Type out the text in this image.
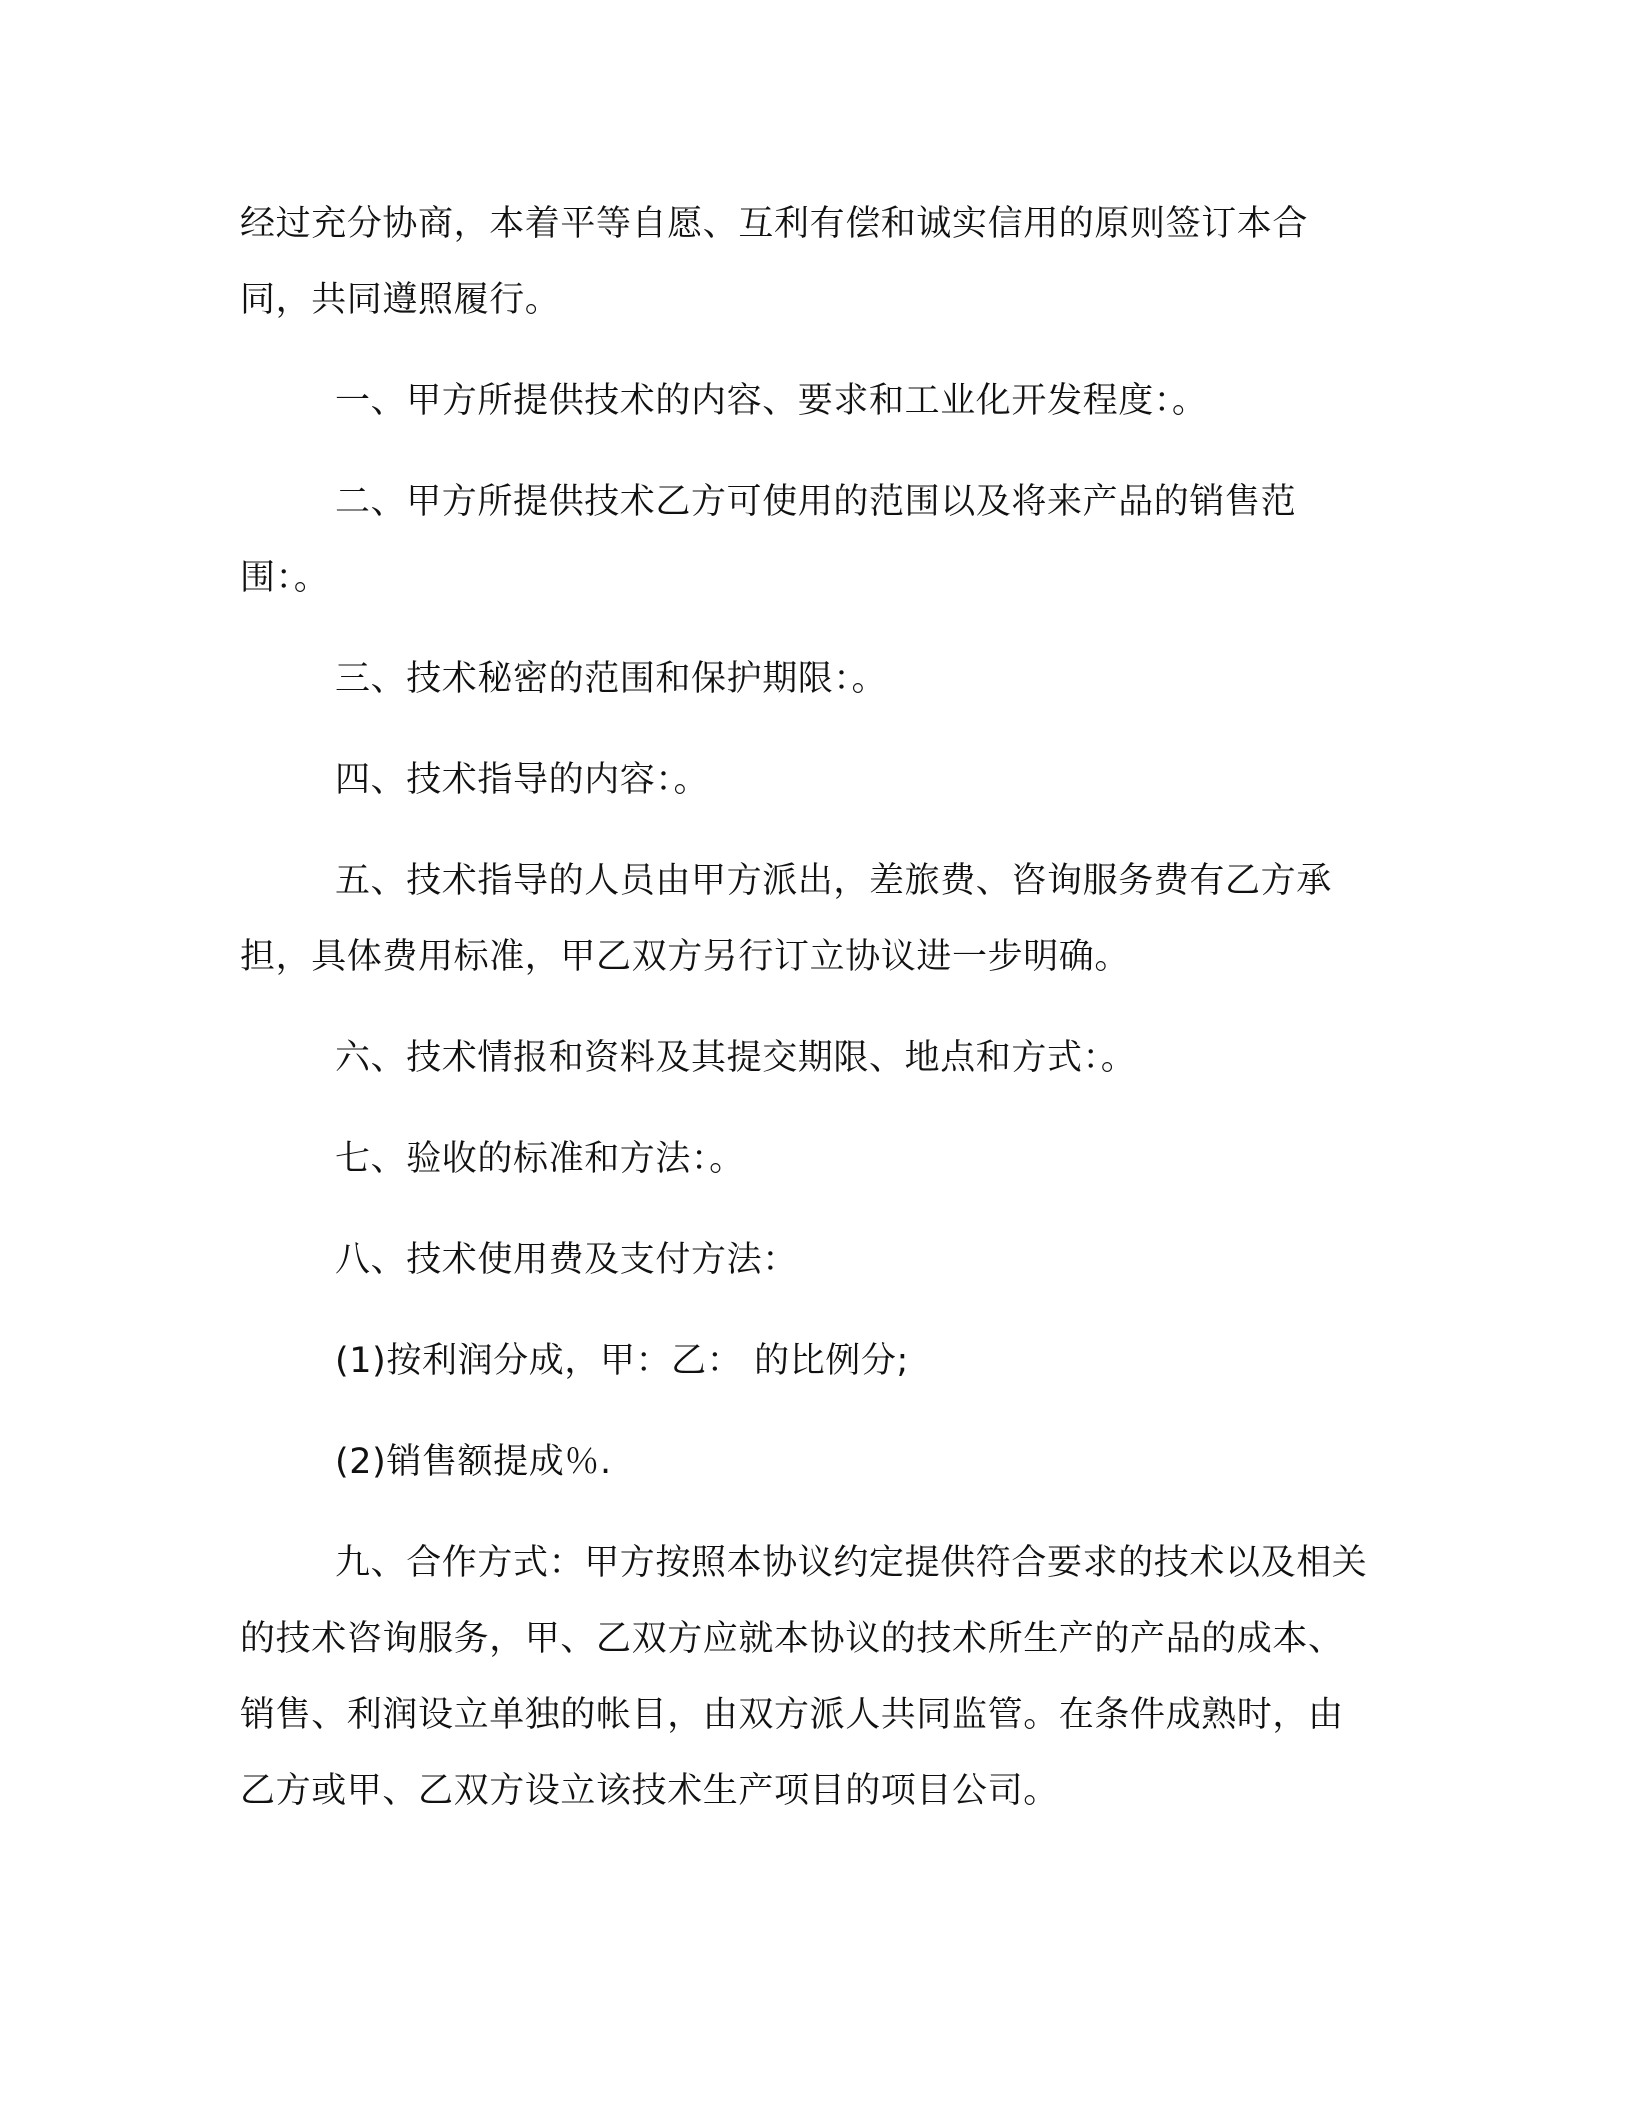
经过充分协商，本着平等自愿、互利有偿和诚实信用的原则签订本合同，共同遵照履行。

一、甲方所提供技术的内容、要求和工业化开发程度：。

二、甲方所提供技术乙方可使用的范围以及将来产品的销售范围：。

三、技术秘密的范围和保护期限：。

四、技术指导的内容：。

五、技术指导的人员由甲方派出，差旅费、咨询服务费有乙方承担，具体费用标准，甲乙双方另行订立协议进一步明确。

六、技术情报和资料及其提交期限、地点和方式：。

七、验收的标准和方法：。

八、技术使用费及支付方法：

(1)按利润分成，甲：乙： 的比例分;

(2)销售额提成％.

九、合作方式：甲方按照本协议约定提供符合要求的技术以及相关的技术咨询服务，甲、乙双方应就本协议的技术所生产的产品的成本、销售、利润设立单独的帐目，由双方派人共同监管。在条件成熟时，由乙方或甲、乙双方设立该技术生产项目的项目公司。
